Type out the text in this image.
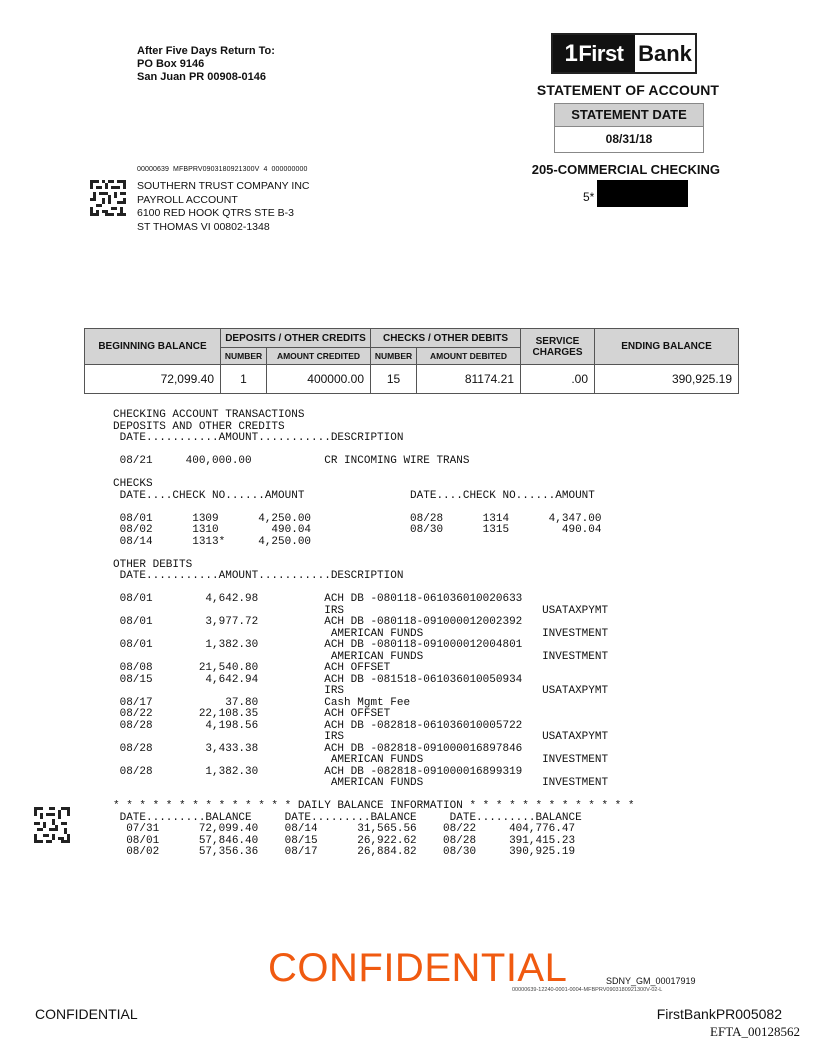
After Five Days Return To:
PO Box 9146
San Juan PR 00908-0146
1 First Bank
STATEMENT OF ACCOUNT
STATEMENT DATE
08/31/18
205-COMMERCIAL CHECKING
5*
00000639  MFBPRV0903180921300V  4  000000000
SOUTHERN TRUST COMPANY INC
PAYROLL ACCOUNT
6100 RED HOOK QTRS STE B-3
ST THOMAS VI 00802-1348
BEGINNING BALANCE	DEPOSITS / OTHER CREDITS		CHECKS / OTHER DEBITS		SERVICE CHARGES	ENDING BALANCE
	NUMBER	AMOUNT CREDITED	NUMBER	AMOUNT DEBITED		
72,099.40	1	400000.00	15	81174.21	.00	390,925.19
CHECKING ACCOUNT TRANSACTIONS
DEPOSITS AND OTHER CREDITS
DATE...........AMOUNT...........DESCRIPTION

08/21     400,000.00           CR INCOMING WIRE TRANS

CHECKS
DATE....CHECK NO......AMOUNT                DATE....CHECK NO......AMOUNT

08/01      1309      4,250.00               08/28      1314      4,347.00
08/02      1310        490.04               08/30      1315        490.04
08/14      1313*     4,250.00

OTHER DEBITS
DATE...........AMOUNT...........DESCRIPTION

08/01        4,642.98          ACH DB -080118-061036010020633
IRS                              USATAXPYMT
08/01        3,977.72          ACH DB -080118-091000012002392
AMERICAN FUNDS                  INVESTMENT
08/01        1,382.30          ACH DB -080118-091000012004801
AMERICAN FUNDS                  INVESTMENT
08/08       21,540.80          ACH OFFSET
08/15        4,642.94          ACH DB -081518-061036010050934
IRS                              USATAXPYMT
08/17           37.80          Cash Mgmt Fee
08/22       22,108.35          ACH OFFSET
08/28        4,198.56          ACH DB -082818-061036010005722
IRS                              USATAXPYMT
08/28        3,433.38          ACH DB -082818-091000016897846
AMERICAN FUNDS                  INVESTMENT
08/28        1,382.30          ACH DB -082818-091000016899319
AMERICAN FUNDS                  INVESTMENT

* * * * * * * * * * * * * * DAILY BALANCE INFORMATION * * * * * * * * * * * * *
DATE.........BALANCE     DATE.........BALANCE     DATE.........BALANCE
07/31      72,099.40    08/14      31,565.56    08/22     404,776.47
08/01      57,846.40    08/15      26,922.62    08/28     391,415.23
08/02      57,356.36    08/17      26,884.82    08/30     390,925.19
CONFIDENTIAL	SDNY_GM_00017919
00000639-12240-0001-0004-MFBPRV0903180921300V-02-L
CONFIDENTIAL	FirstBankPR005082
EFTA_00128562
